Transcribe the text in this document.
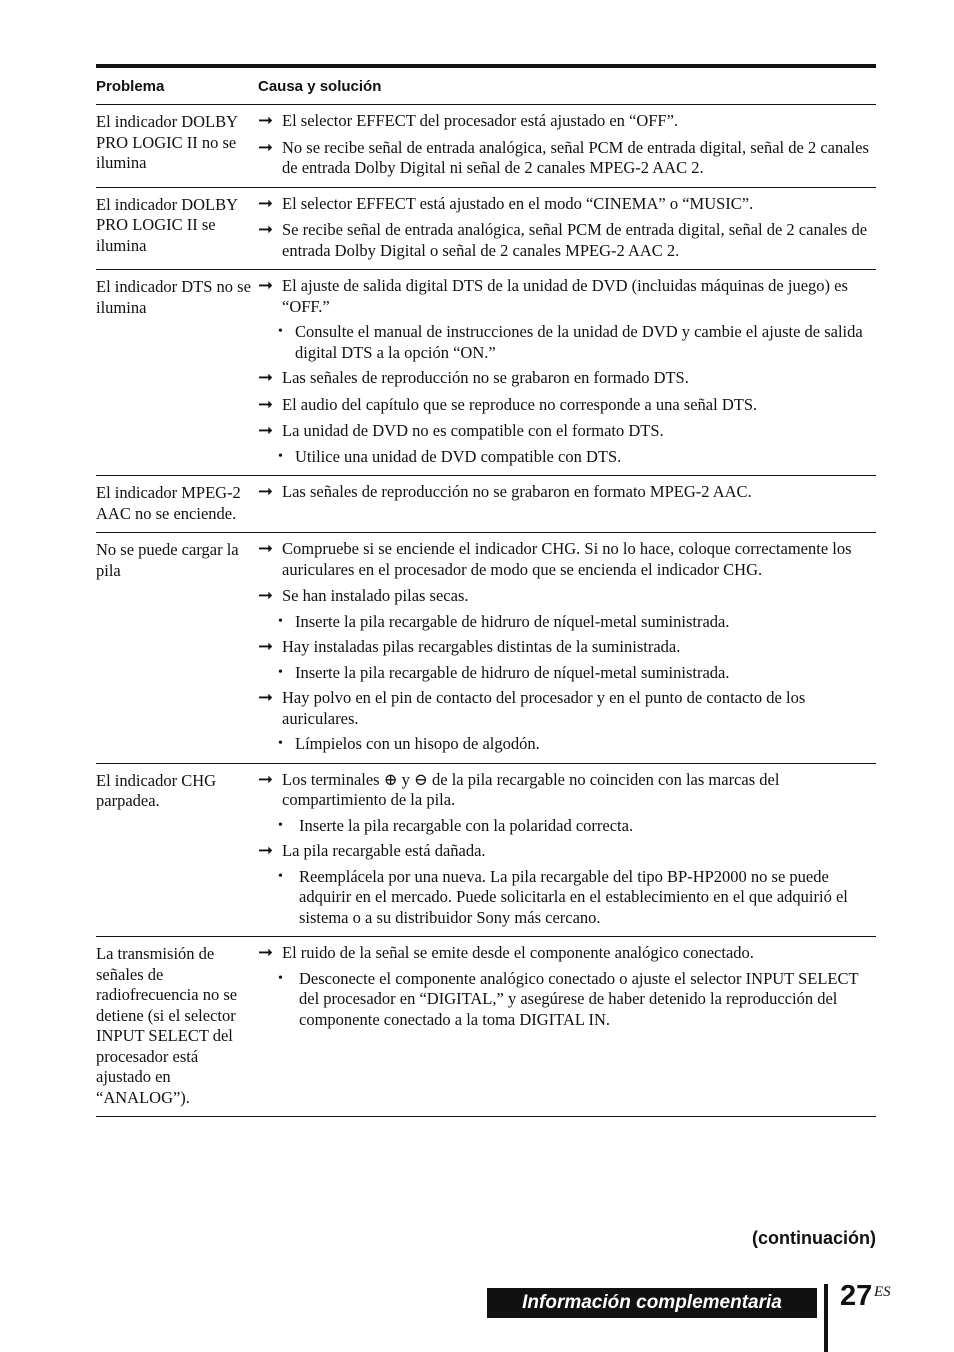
Problema	Causa y solución
El indicador DOLBY PRO LOGIC II no se ilumina
➞ El selector EFFECT del procesador está ajustado en “OFF”.
➞ No se recibe señal de entrada analógica, señal PCM de entrada digital, señal de 2 canales de entrada Dolby Digital ni señal de 2 canales MPEG-2 AAC 2.
El indicador DOLBY PRO LOGIC II se ilumina
➞ El selector EFFECT está ajustado en el modo “CINEMA” o “MUSIC”.
➞ Se recibe señal de entrada analógica, señal PCM de entrada digital, señal de 2 canales de entrada Dolby Digital o señal de 2 canales MPEG-2 AAC 2.
El indicador DTS no se ilumina
➞ El ajuste de salida digital DTS de la unidad de DVD (incluidas máquinas de juego) es “OFF.”
• Consulte el manual de instrucciones de la unidad de DVD y cambie el ajuste de salida digital DTS a la opción “ON.”
➞ Las señales de reproducción no se grabaron en formado DTS.
➞ El audio del capítulo que se reproduce no corresponde a una señal DTS.
➞ La unidad de DVD no es compatible con el formato DTS.
• Utilice una unidad de DVD compatible con DTS.
El indicador MPEG-2 AAC no se enciende.
➞ Las señales de reproducción no se grabaron en formato MPEG-2 AAC.
No se puede cargar la pila
➞ Compruebe si se enciende el indicador CHG. Si no lo hace, coloque correctamente los auriculares en el procesador de modo que se encienda el indicador CHG.
➞ Se han instalado pilas secas.
• Inserte la pila recargable de hidruro de níquel-metal suministrada.
➞ Hay instaladas pilas recargables distintas de la suministrada.
• Inserte la pila recargable de hidruro de níquel-metal suministrada.
➞ Hay polvo en el pin de contacto del procesador y en el punto de contacto de los auriculares.
• Límpielos con un hisopo de algodón.
El indicador CHG parpadea.
➞ Los terminales ⊕ y ⊖ de la pila recargable no coinciden con las marcas del compartimiento de la pila.
• Inserte la pila recargable con la polaridad correcta.
➞ La pila recargable está dañada.
• Reemplácela por una nueva. La pila recargable del tipo BP-HP2000 no se puede adquirir en el mercado. Puede solicitarla en el establecimiento en el que adquirió el sistema o a su distribuidor Sony más cercano.
La transmisión de señales de radiofrecuencia no se detiene (si el selector INPUT SELECT del procesador está ajustado en “ANALOG”).
➞ El ruido de la señal se emite desde el componente analógico conectado.
• Desconecte el componente analógico conectado o ajuste el selector INPUT SELECT del procesador en “DIGITAL,” y asegúrese de haber detenido la reproducción del componente conectado a la toma DIGITAL IN.
(continuación)
Información complementaria	27 ES
